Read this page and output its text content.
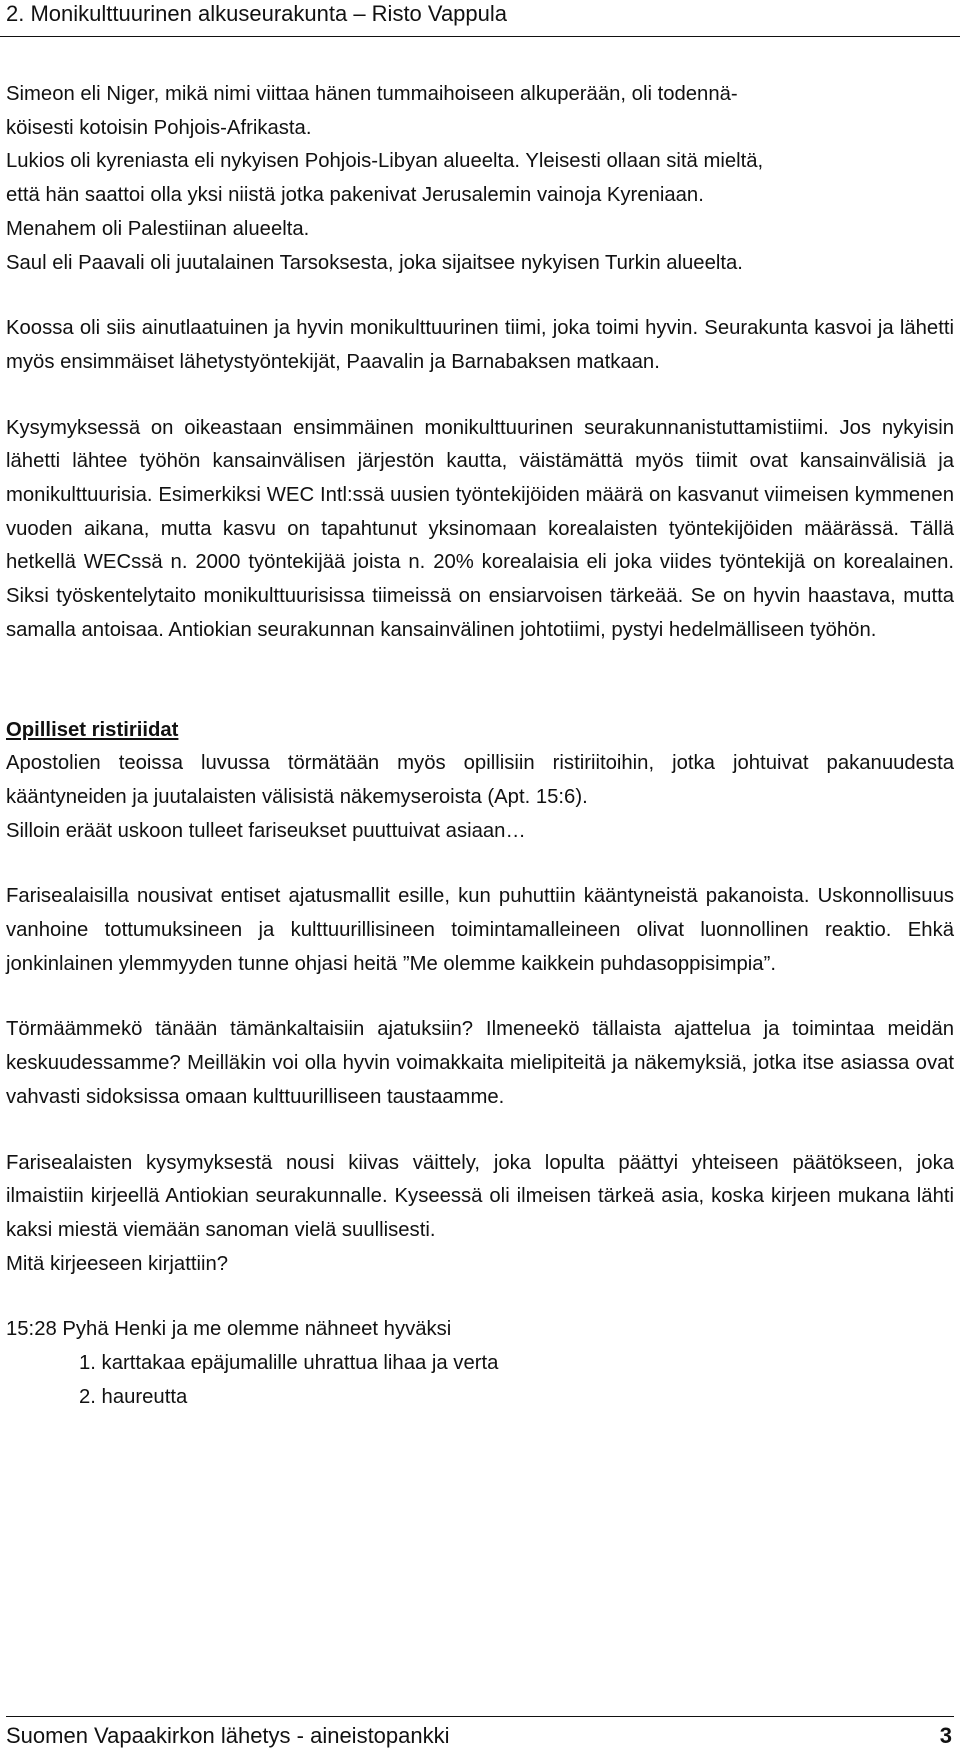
2. Monikulttuurinen alkuseurakunta – Risto Vappula
Simeon eli Niger, mikä nimi viittaa hänen tummaihoiseen alkuperään, oli todennä-
köisesti kotoisin Pohjois-Afrikasta.
Lukios oli kyreniasta eli nykyisen Pohjois-Libyan alueelta. Yleisesti ollaan sitä mieltä,
että hän saattoi olla yksi niistä jotka pakenivat Jerusalemin vainoja Kyreniaan.
Menahem oli Palestiinan alueelta.
Saul eli Paavali oli juutalainen Tarsoksesta, joka sijaitsee nykyisen Turkin alueelta.

Koossa oli siis ainutlaatuinen ja hyvin monikulttuurinen tiimi, joka toimi hyvin. Seurakunta kasvoi ja lähetti myös ensimmäiset lähetystyöntekijät, Paavalin ja Barnabaksen matkaan.

Kysymyksessä on oikeastaan ensimmäinen monikulttuurinen seurakunnanistuttamistiimi. Jos nykyisin lähetti lähtee työhön kansainvälisen järjestön kautta, väistämättä myös tiimit ovat kansainvälisiä ja monikulttuurisia. Esimerkiksi WEC Intl:ssä uusien työntekijöiden määrä on kasvanut viimeisen kymmenen vuoden aikana, mutta kasvu on tapahtunut yksinomaan korealaisten työntekijöiden määrässä. Tällä hetkellä WECssä n. 2000 työntekijää joista n. 20% korealaisia eli joka viides työntekijä on korealainen. Siksi työskentelytaito monikulttuurisissa tiimeissä on ensiarvoisen tärkeää. Se on hyvin haastava, mutta samalla antoisaa. Antiokian seurakunnan kansainvälinen johtotiimi, pystyi hedelmälliseen työhön.

Opilliset ristiriidat

Apostolien teoissa luvussa törmätään myös opillisiin ristiriitoihin, jotka johtuivat pakanuudesta kääntyneiden ja juutalaisten välisistä näkemyseroista (Apt. 15:6).

Silloin eräät uskoon tulleet fariseukset puuttuivat asiaan…

Farisealaisilla nousivat entiset ajatusmallit esille, kun puhuttiin kääntyneistä pakanoista. Uskonnollisuus vanhoine tottumuksineen ja kulttuurillisineen toimintamalleineen olivat luonnollinen reaktio. Ehkä jonkinlainen ylemmyyden tunne ohjasi heitä ”Me olemme kaikkein puhdasoppisimpia”.

Törmäämmekö tänään tämänkaltaisiin ajatuksiin? Ilmeneekö tällaista ajattelua ja toimintaa meidän keskuudessamme? Meilläkin voi olla hyvin voimakkaita mielipiteitä ja näkemyksiä, jotka itse asiassa ovat vahvasti sidoksissa omaan kulttuurilliseen taustaamme.

Farisealaisten kysymyksestä nousi kiivas väittely, joka lopulta päättyi yhteiseen päätökseen, joka ilmaistiin kirjeellä Antiokian seurakunnalle. Kyseessä oli ilmeisen tärkeä asia, koska kirjeen mukana lähti kaksi miestä viemään sanoman vielä suullisesti.

Mitä kirjeeseen kirjattiin?
15:28 Pyhä Henki ja me olemme nähneet hyväksi
1. karttakaa epäjumalille uhrattua lihaa ja verta
2. haureutta
Suomen Vapaakirkon lähetys - aineistopankki	3
